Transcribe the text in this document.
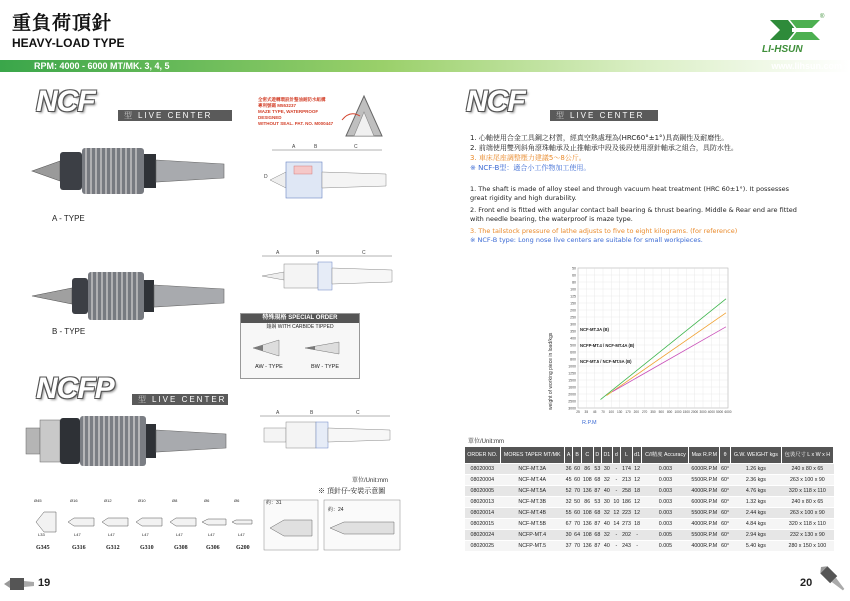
重負荷頂針
HEAVY-LOAD TYPE
RPM: 4000 - 6000 MT/MK. 3, 4, 5	www.lihsun.com
LI-HSUN
®
NCF	型 LIVE CENTER
全密式遊轉環設計整油耐防水組構
專利號碼 M553237
MAZE TYPE, WATERPROOF DESIGNED
WITHOUT SEAL. PAT. NO. M000447
A - TYPE
A	B	C
D
B - TYPE
A	B	C
特殊規格 SPECIAL ORDER
鑲鋼 WITH CARBIDE TIPPED
AW - TYPE	BW - TYPE
NCFP	型 LIVE CENTER
A	B	C
單位/Unit:mm
※ 頂針仔-安裝示意圖
Ø45	Ø16	Ø12	Ø10	Ø8	Ø6	Ø6
L33	L47	L47	L47	L47	L47	L47
G345	G316	G312	G310	G308	G306	G200
約：31
約：24
19
NCF	型 LIVE CENTER
1. 心軸使用合金工具鋼之材質，經真空熱處理為(HRC60°±1°)具高鋼性及耐磨性。
2. 前端使用雙列斜角滾珠軸承及止推軸承中段及後段使用滾針軸承之組合，具防水性。
3. 車床尾座調整壓力建議5～8公斤。
※ NCF-B型：適合小工作物加工使用。
1. The shaft is made of alloy steel and through vacuum heat treatment (HRC 60±1°). It possesses great rigidity and high durability.
2. Front end is fitted with angular contact ball bearing & thrust bearing. Middle & Rear end are fitted with needle bearing, the waterproof is maze type.
3. The tailstock pressure of lathe adjusts to five to eight kilograms. (for reference)
※ NCF-B type: Long nose live centers are suitable for small workpieces.
3000
2500
2000
1600
1500
1250
1000
800
600
500
400
350
300
250
200
150
125
100
80
60
50
25 35 45 70 100 130 170 200 270 350 500 800 1000 1500 2000 3000 4000 5000 6000
NCF-MT.3A (B)
NCFP-MT.4 / NCF-MT.4A (B)
NCF-MT.5 / NCF-MT.5A (B)
weight of working piece in load/kgs
R.P.M
單位/Unit:mm
ORDER NO.	MORES TAPER MT/MK	A	B	C	D	D1	d	L	d1	C/I精度 Accuracy	Max R.P.M	θ	G.W. WEIGHT kgs	包裝尺寸 L x W x H
08020003	NCF-MT.3A	36	60	86	53	30	-	174	12	0.003	6000R.P.M	60°	1.26 kgs	240 x 80 x 65
08020004	NCF-MT.4A	45	60	108	68	32	-	213	12	0.003	5500R.P.M	60°	2.36 kgs	263 x 100 x 90
08020005	NCF-MT.5A	52	70	136	87	40	-	258	18	0.003	4000R.P.M	60°	4.76 kgs	320 x 118 x 110
08020013	NCF-MT.3B	32	50	86	53	30	10	186	12	0.003	6000R.P.M	60°	1.32 kgs	240 x 80 x 65
08020014	NCF-MT.4B	55	60	108	68	32	12	223	12	0.003	5500R.P.M	60°	2.44 kgs	263 x 100 x 90
08020015	NCF-MT.5B	67	70	136	87	40	14	273	18	0.003	4000R.P.M	60°	4.84 kgs	320 x 118 x 110
08020024	NCFP-MT.4	30	64	108	68	32	-	202	-	0.005	5500R.P.M	60°	2.94 kgs	232 x 130 x 90
08020025	NCFP-MT.5	37	70	136	87	40	-	243	-	0.005	4000R.P.M	60°	5.40 kgs	280 x 150 x 100
20
